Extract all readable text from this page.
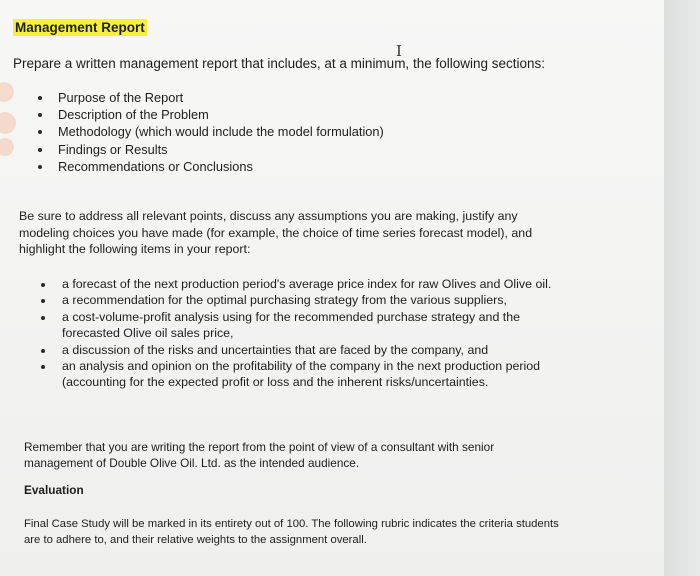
Management Report
Prepare a written management report that includes, at a minimum, the following sections:
I
Purpose of the Report
Description of the Problem
Methodology (which would include the model formulation)
Findings or Results
Recommendations or Conclusions
Be sure to address all relevant points, discuss any assumptions you are making, justify any modeling choices you have made (for example, the choice of time series forecast model), and highlight the following items in your report:
a forecast of the next production period's average price index for raw Olives and Olive oil.
a recommendation for the optimal purchasing strategy from the various suppliers,
a cost-volume-profit analysis using for the recommended purchase strategy and the forecasted Olive oil sales price,
a discussion of the risks and uncertainties that are faced by the company, and
an analysis and opinion on the profitability of the company in the next production period (accounting for the expected profit or loss and the inherent risks/uncertainties.
Remember that you are writing the report from the point of view of a consultant with senior management of Double Olive Oil. Ltd. as the intended audience.
Evaluation
Final Case Study will be marked in its entirety out of 100. The following rubric indicates the criteria students are to adhere to, and their relative weights to the assignment overall.
